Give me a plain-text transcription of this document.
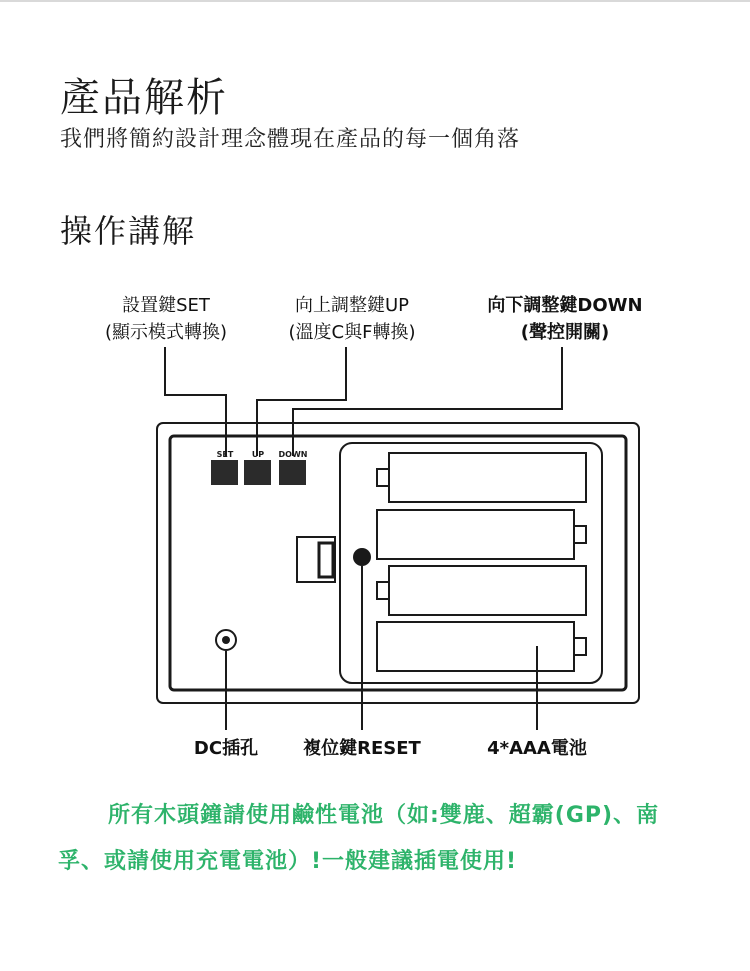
產品解析
我們將簡約設計理念體現在產品的每一個角落
操作講解
設置鍵SET
(顯示模式轉換)
向上調整鍵UP
(溫度C與F轉換)
向下調整鍵DOWN
(聲控開關)
SET UP DOWN
DC插孔	複位鍵RESET	4*AAA電池
所有木頭鐘請使用鹼性電池（如:雙鹿、超霸(GP)、南
孚、或請使用充電電池）!一般建議插電使用!
